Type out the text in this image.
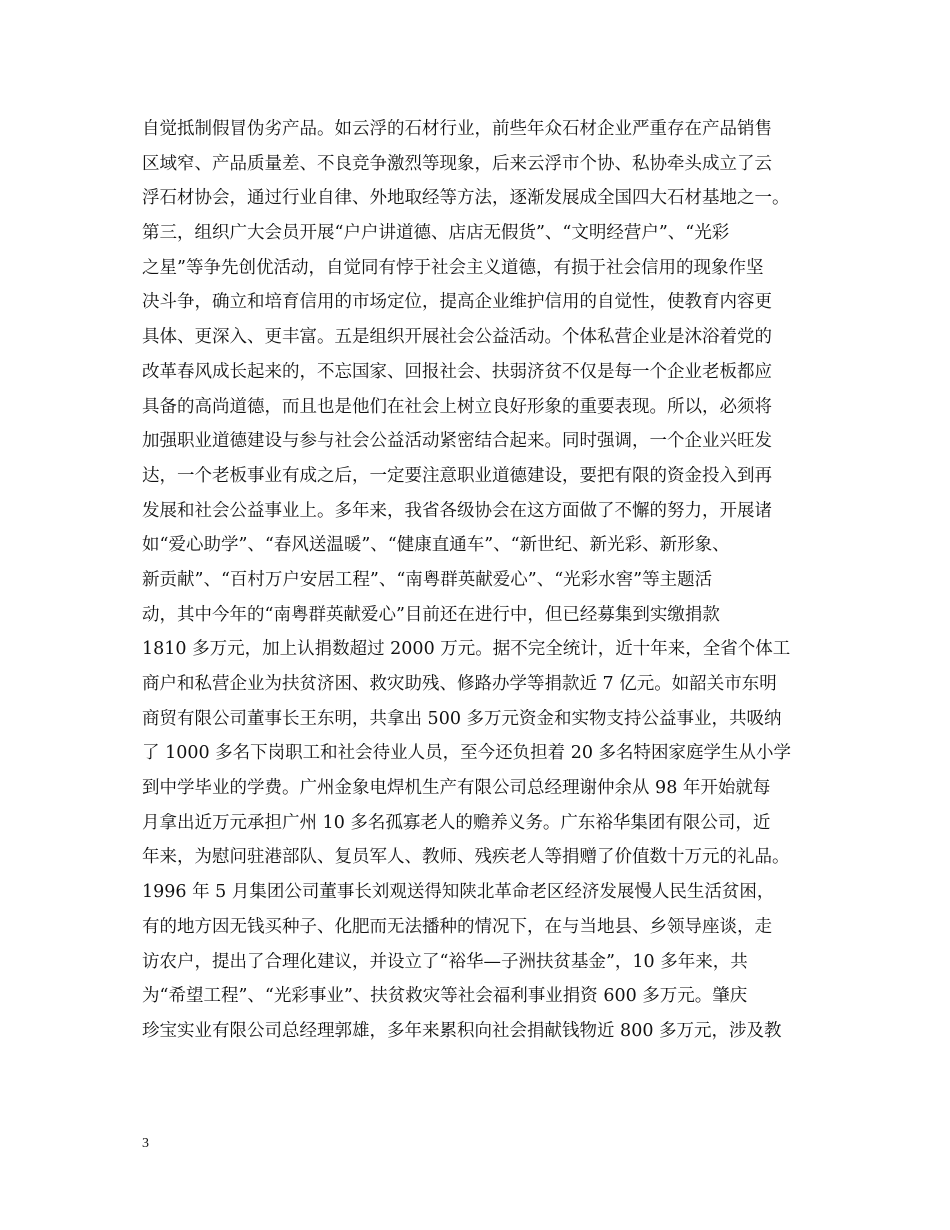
自觉抵制假冒伪劣产品。如云浮的石材行业，前些年众石材企业严重存在产品销售
区域窄、产品质量差、不良竞争激烈等现象，后来云浮市个协、私协牵头成立了云
浮石材协会，通过行业自律、外地取经等方法，逐渐发展成全国四大石材基地之一。
第三，组织广大会员开展“户户讲道德、店店无假货”、“文明经营户”、“光彩
之星”等争先创优活动，自觉同有悖于社会主义道德，有损于社会信用的现象作坚
决斗争，确立和培育信用的市场定位，提高企业维护信用的自觉性，使教育内容更
具体、更深入、更丰富。五是组织开展社会公益活动。个体私营企业是沐浴着党的
改革春风成长起来的，不忘国家、回报社会、扶弱济贫不仅是每一个企业老板都应
具备的高尚道德，而且也是他们在社会上树立良好形象的重要表现。所以，必须将
加强职业道德建设与参与社会公益活动紧密结合起来。同时强调，一个企业兴旺发
达，一个老板事业有成之后，一定要注意职业道德建设，要把有限的资金投入到再
发展和社会公益事业上。多年来，我省各级协会在这方面做了不懈的努力，开展诸
如“爱心助学”、“春风送温暖”、“健康直通车”、“新世纪、新光彩、新形象、
新贡献”、“百村万户安居工程”、“南粤群英献爱心”、“光彩水窖”等主题活
动，其中今年的“南粤群英献爱心”目前还在进行中，但已经募集到实缴捐款
1810 多万元，加上认捐数超过 2000 万元。据不完全统计，近十年来，全省个体工
商户和私营企业为扶贫济困、救灾助残、修路办学等捐款近 7 亿元。如韶关市东明
商贸有限公司董事长王东明，共拿出 500 多万元资金和实物支持公益事业，共吸纳
了 1000 多名下岗职工和社会待业人员，至今还负担着 20 多名特困家庭学生从小学
到中学毕业的学费。广州金象电焊机生产有限公司总经理谢仲余从 98 年开始就每
月拿出近万元承担广州 10 多名孤寡老人的赡养义务。广东裕华集团有限公司，近
年来，为慰问驻港部队、复员军人、教师、残疾老人等捐赠了价值数十万元的礼品。
1996 年 5 月集团公司董事长刘观送得知陕北革命老区经济发展慢人民生活贫困，
有的地方因无钱买种子、化肥而无法播种的情况下，在与当地县、乡领导座谈，走
访农户，提出了合理化建议，并设立了“裕华—子洲扶贫基金”，10 多年来，共
为“希望工程”、“光彩事业”、扶贫救灾等社会福利事业捐资 600 多万元。肇庆
珍宝实业有限公司总经理郭雄，多年来累积向社会捐献钱物近 800 多万元，涉及教
3
